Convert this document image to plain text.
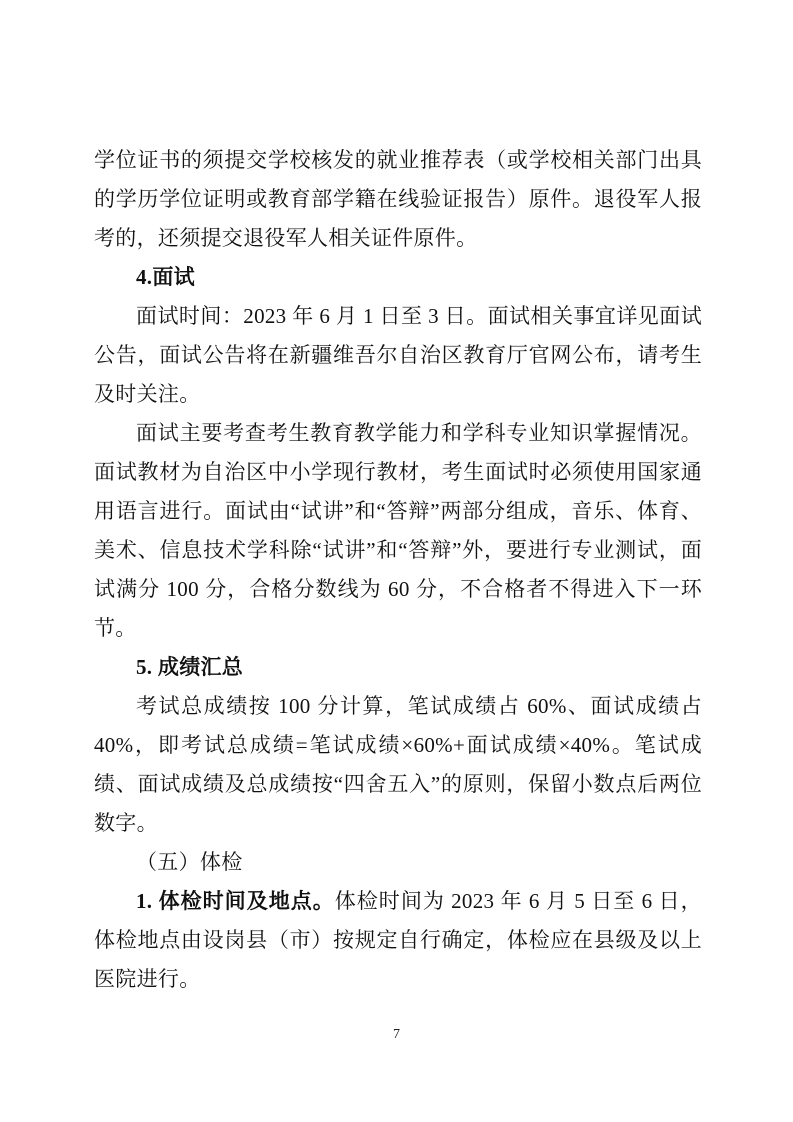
学位证书的须提交学校核发的就业推荐表（或学校相关部门出具的学历学位证明或教育部学籍在线验证报告）原件。退役军人报考的，还须提交退役军人相关证件原件。

4.面试

面试时间：2023 年 6 月 1 日至 3 日。面试相关事宜详见面试公告，面试公告将在新疆维吾尔自治区教育厅官网公布，请考生及时关注。

面试主要考查考生教育教学能力和学科专业知识掌握情况。面试教材为自治区中小学现行教材，考生面试时必须使用国家通用语言进行。面试由“试讲”和“答辩”两部分组成，音乐、体育、美术、信息技术学科除“试讲”和“答辩”外，要进行专业测试，面试满分 100 分，合格分数线为 60 分，不合格者不得进入下一环节。

5. 成绩汇总

考试总成绩按 100 分计算，笔试成绩占 60%、面试成绩占 40%，即考试总成绩=笔试成绩×60%+面试成绩×40%。笔试成绩、面试成绩及总成绩按“四舍五入”的原则，保留小数点后两位数字。

（五）体检

1. 体检时间及地点。体检时间为 2023 年 6 月 5 日至 6 日，体检地点由设岗县（市）按规定自行确定，体检应在县级及以上医院进行。

7
